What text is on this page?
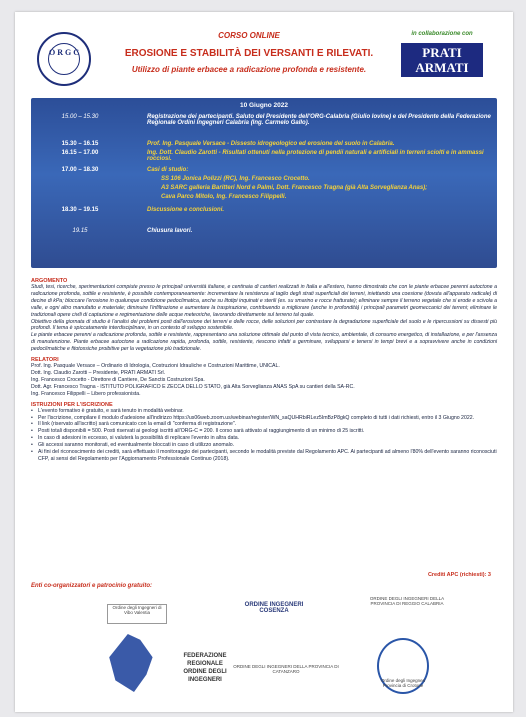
O R G C
CORSO ONLINE
EROSIONE E STABILITÀ DEI VERSANTI E RILEVATI.
Utilizzo di piante erbacee a radicazione profonda e resistente.
in collaborazione con
PRATI
ARMATI
10 Giugno 2022
15.00 – 15.30	Registrazione dei partecipanti. Saluto del Presidente dell'ORG-Calabria (Giulio Iovine) e del Presidente della Federazione Regionale Ordini Ingegneri Calabria (Ing. Carmelo Gallo).
15.30 – 16.15	Prof. Ing. Pasquale Versace - Dissesto idrogeologico ed erosione del suolo in Calabria.
16.15 – 17.00	Ing. Dott. Claudio Zarotti - Risultati ottenuti nella protezione di pendii naturali e artificiali in terreni sciolti e in ammassi rocciosi.
17.00 – 18.30	Casi di studio:
SS 106 Jonica Polizzi (RC), Ing. Francesco Crocetto.
A3 SARC galleria Baritteri Nord e Palmi, Dott. Francesco Tragna (già Alta Sorveglianza Anas);
Cava Parco Mitolo, Ing. Francesco Filippelli.
18.30 – 19.15	Discussione e conclusioni.
19.15	Chiusura lavori.
ARGOMENTO
Studi, tesi, ricerche, sperimentazioni compiute presso le principali università italiane, e centinaia di cantieri realizzati in Italia e all'estero, hanno dimostrato che con le piante erbacee perenni autoctone a radicazione profonda, sottile e resistente, è possibile contemporaneamente: incrementare la resistenza al taglio degli strati superficiali dei terreni, iniettando una coesione (dovuta all'apparato radicale) di decine di kPa; bloccare l'erosione in qualunque condizione pedoclimatica, anche su litotipi inquinati e sterili (es. su smarino e rocce fratturate); eliminare sempre il terreno vegetale che si erode e scivola a valle, e ogni altro manufatto e materiale; diminuire l'infiltrazione e aumentare la traspirazione, contribuendo a migliorare (anche in profondità) i principali parametri geomeccanici dei terreni; eliminare le tradizionali opere civili di captazione e regimentazione delle acque meteoriche, lavorando direttamente sul terreno tal quale.
Obiettivo della giornata di studio è l'analisi dei problemi posti dall'erosione dei terreni e delle rocce, delle soluzioni per contrastare la degradazione superficiale del suolo e le ripercussioni su dissesti più profondi. Il tema è spiccatamente interdisciplinare, in un contesto di sviluppo sostenibile.
Le piante erbacee perenni a radicazione profonda, sottile e resistente, rappresentano una soluzione ottimale dal punto di vista tecnico, ambientale, di consumo energetico, di installazione, e per l'assenza di manutenzione. Piante erbacee autoctone a radicazione rapida, profonda, sottile, resistente, riescono infatti a germinare, svilupparsi e tenersi in tempi brevi e a sopravvivere anche in condizioni pedoclimatiche e fitotossiche proibitive per la vegetazione più tradizionale.
RELATORI
Prof. Ing. Pasquale Versace – Ordinario di Idrologia, Costruzioni Idrauliche e Costruzioni Marittime, UNICAL.
Dott. Ing. Claudio Zarotti – Presidente, PRATI ARMATI Srl.
Ing. Francesco Crocetto - Direttore di Cantiere, De Sanctis Costruzioni Spa.
Dott. Agr. Francesco Tragna - ISTITUTO POLIGRAFICO E ZECCA DELLO STATO, già Alta Sorveglianza ANAS SpA su cantieri della SA-RC.
Ing. Francesco Filippelli – Libero professionista.
ISTRUZIONI PER L'ISCRIZIONE
• L'evento formativo è gratuito, e sarà tenuto in modalità webinar.
• Per l'iscrizione, compilare il modulo d'adesione all'indirizzo https://us06web.zoom.us/webinar/register/WN_saQUHRbiRLez5ImBzP8gkQ completo di tutti i dati richiesti, entro il 3 Giugno 2022.
• Il link (riservato all'iscritto) sarà comunicato con la email di "conferma di registrazione".
• Posti totali disponibili = 500. Posti riservati ai geologi iscritti all'ORG-C = 200. Il corso sarà attivato al raggiungimento di un minimo di 25 iscritti.
• In caso di adesioni in eccesso, si valuterà la possibilità di replicare l'evento in altra data.
• Gli accessi saranno monitorati, ed eventualmente bloccati in caso di utilizzo anomalo.
• Ai fini del riconoscimento dei crediti, sarà effettuato il monitoraggio dei partecipanti, secondo le modalità previste dal Regolamento APC. Ai partecipanti ad almeno l'80% dell'evento saranno riconosciuti CFP, ai sensi del Regolamento per l'Aggiornamento Professionale Continuo (2018).
Crediti APC (richiesti): 3
Enti co-organizzatori e patrocinio gratuito:
Ordine degli Ingegneri di Vibo Valentia
ORDINE INGEGNERI COSENZA
ORDINE DEGLI INGEGNERI DELLA PROVINCIA DI REGGIO CALABRIA
FEDERAZIONE REGIONALE ORDINE DEGLI INGEGNERI
ORDINE DEGLI INGEGNERI DELLA PROVINCIA DI CATANZARO
Ordine degli Ingegneri Provincia di Crotone
